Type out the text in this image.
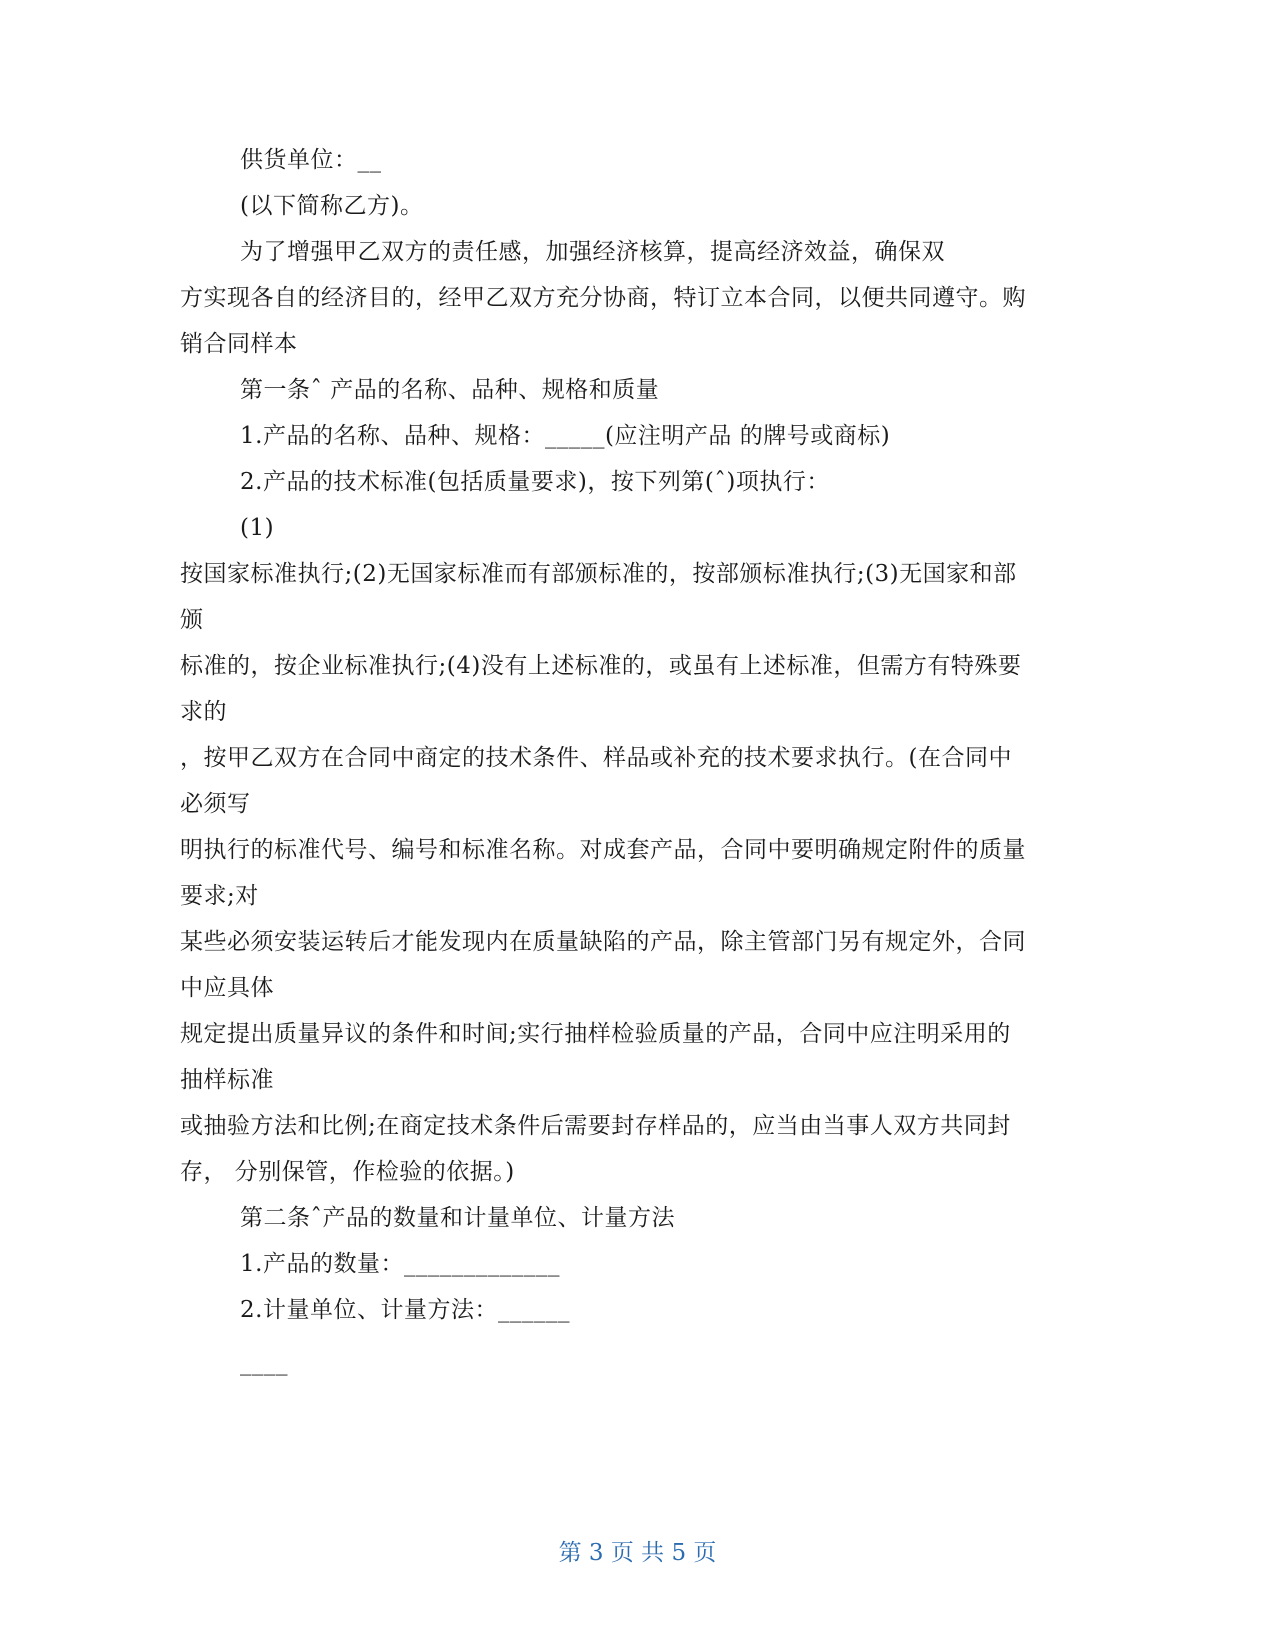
供货单位：__
(以下简称乙方)。
为了增强甲乙双方的责任感，加强经济核算，提高经济效益，确保双
方实现各自的经济目的，经甲乙双方充分协商，特订立本合同，以便共同遵守。购
销合同样本
第一条ˆ 产品的名称、品种、规格和质量
1.产品的名称、品种、规格：_____(应注明产品 的牌号或商标)
2.产品的技术标准(包括质量要求)，按下列第(ˆ)项执行：
(1)
按国家标准执行;(2)无国家标准而有部颁标准的，按部颁标准执行;(3)无国家和部
颁
标准的，按企业标准执行;(4)没有上述标准的，或虽有上述标准，但需方有特殊要
求的
，按甲乙双方在合同中商定的技术条件、样品或补充的技术要求执行。(在合同中
必须写
明执行的标准代号、编号和标准名称。对成套产品，合同中要明确规定附件的质量
要求;对
某些必须安装运转后才能发现内在质量缺陷的产品，除主管部门另有规定外，合同
中应具体
规定提出质量异议的条件和时间;实行抽样检验质量的产品，合同中应注明采用的
抽样标准
或抽验方法和比例;在商定技术条件后需要封存样品的，应当由当事人双方共同封
存， 分别保管，作检验的依据。)
第二条ˆ产品的数量和计量单位、计量方法
1.产品的数量：_____________
2.计量单位、计量方法：______
____
第 3 页 共 5 页
